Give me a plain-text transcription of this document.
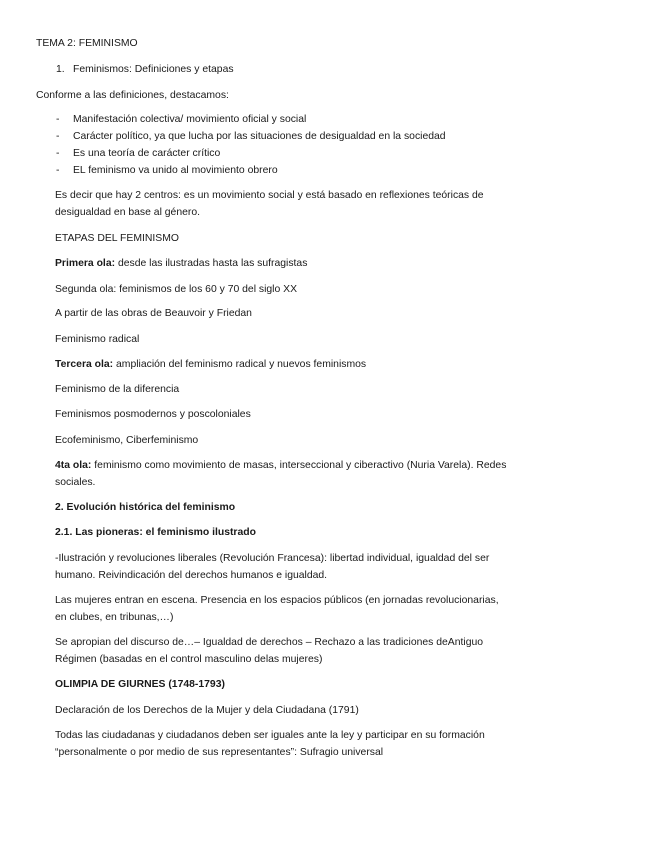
TEMA 2: FEMINISMO
1. Feminismos: Definiciones y etapas
Conforme a las definiciones, destacamos:
- Manifestación colectiva/ movimiento oficial y social
- Carácter político, ya que lucha por las situaciones de desigualdad en la sociedad
- Es una teoría de carácter crítico
- EL feminismo va unido al movimiento obrero
Es decir que hay 2 centros: es un movimiento social y está basado en reflexiones teóricas de
desigualdad en base al género.
ETAPAS DEL FEMINISMO
Primera ola: desde las ilustradas hasta las sufragistas
Segunda ola: feminismos de los 60 y 70 del siglo XX
A partir de las obras de Beauvoir y Friedan
Feminismo radical
Tercera ola: ampliación del feminismo radical y nuevos feminismos
Feminismo de la diferencia
Feminismos posmodernos y poscoloniales
Ecofeminismo, Ciberfeminismo
4ta ola: feminismo como movimiento de masas, interseccional y ciberactivo (Nuria Varela). Redes
sociales.
2. Evolución histórica del feminismo
2.1. Las pioneras: el feminismo ilustrado
-Ilustración y revoluciones liberales (Revolución Francesa): libertad individual, igualdad del ser
humano. Reivindicación del derechos humanos e igualdad.
Las mujeres entran en escena. Presencia en los espacios públicos (en jornadas revolucionarias,
en clubes, en tribunas,…)
Se apropian del discurso de…– Igualdad de derechos – Rechazo a las tradiciones deAntiguo
Régimen (basadas en el control masculino delas mujeres)
OLIMPIA DE GIURNES (1748-1793)
Declaración de los Derechos de la Mujer y dela Ciudadana (1791)
Todas las ciudadanas y ciudadanos deben ser iguales ante la ley y participar en su formación
“personalmente o por medio de sus representantes”: Sufragio universal
